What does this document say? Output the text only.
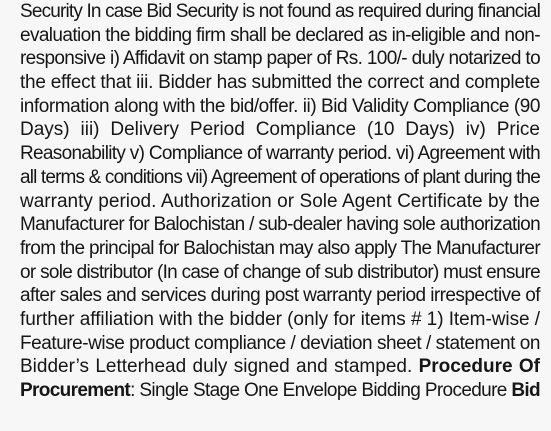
Security In case Bid Security is not found as required during financial
evaluation the bidding firm shall be declared as in-eligible and non-
responsive i) Affidavit on stamp paper of Rs. 100/- duly notarized to
the effect that iii. Bidder has submitted the correct and complete
information along with the bid/offer. ii) Bid Validity Compliance (90
Days) iii) Delivery Period Compliance (10 Days) iv) Price
Reasonability v) Compliance of warranty period. vi) Agreement with
all terms & conditions vii) Agreement of operations of plant during the
warranty period. Authorization or Sole Agent Certificate by the
Manufacturer for Balochistan / sub-dealer having sole authorization
from the principal for Balochistan may also apply The Manufacturer
or sole distributor (In case of change of sub distributor) must ensure
after sales and services during post warranty period irrespective of
further affiliation with the bidder (only for items # 1) Item-wise /
Feature-wise product compliance / deviation sheet / statement on
Bidder’s Letterhead duly signed and stamped. Procedure Of
Procurement: Single Stage One Envelope Bidding Procedure Bid
